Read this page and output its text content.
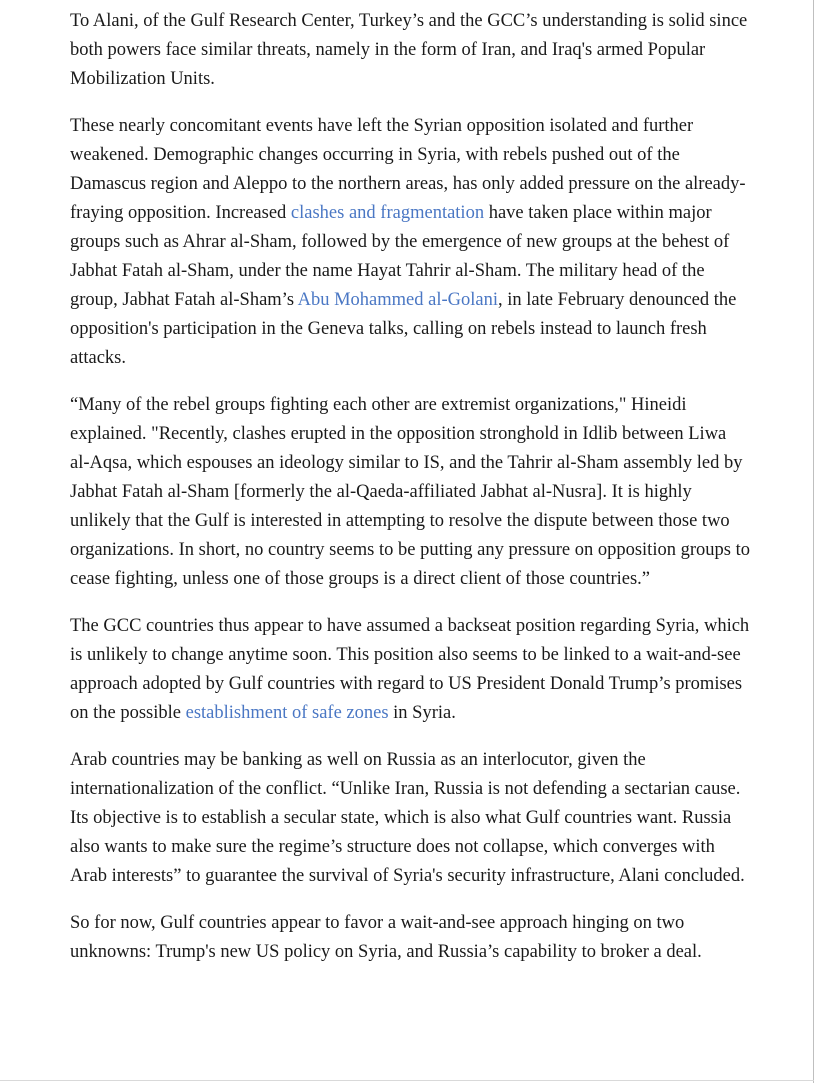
To Alani, of the Gulf Research Center, Turkey’s and the GCC’s understanding is solid since both powers face similar threats, namely in the form of Iran, and Iraq's armed Popular Mobilization Units.

These nearly concomitant events have left the Syrian opposition isolated and further weakened. Demographic changes occurring in Syria, with rebels pushed out of the Damascus region and Aleppo to the northern areas, has only added pressure on the already-fraying opposition. Increased clashes and fragmentation have taken place within major groups such as Ahrar al-Sham, followed by the emergence of new groups at the behest of Jabhat Fatah al-Sham, under the name Hayat Tahrir al-Sham. The military head of the group, Jabhat Fatah al-Sham’s Abu Mohammed al-Golani, in late February denounced the opposition's participation in the Geneva talks, calling on rebels instead to launch fresh attacks.

“Many of the rebel groups fighting each other are extremist organizations," Hineidi explained. "Recently, clashes erupted in the opposition stronghold in Idlib between Liwa al-Aqsa, which espouses an ideology similar to IS, and the Tahrir al-Sham assembly led by Jabhat Fatah al-Sham [formerly the al-Qaeda-affiliated Jabhat al-Nusra]. It is highly unlikely that the Gulf is interested in attempting to resolve the dispute between those two organizations. In short, no country seems to be putting any pressure on opposition groups to cease fighting, unless one of those groups is a direct client of those countries.”

The GCC countries thus appear to have assumed a backseat position regarding Syria, which is unlikely to change anytime soon. This position also seems to be linked to a wait-and-see approach adopted by Gulf countries with regard to US President Donald Trump’s promises on the possible establishment of safe zones in Syria.

Arab countries may be banking as well on Russia as an interlocutor, given the internationalization of the conflict. “Unlike Iran, Russia is not defending a sectarian cause. Its objective is to establish a secular state, which is also what Gulf countries want. Russia also wants to make sure the regime’s structure does not collapse, which converges with Arab interests” to guarantee the survival of Syria's security infrastructure, Alani concluded.

So for now, Gulf countries appear to favor a wait-and-see approach hinging on two unknowns: Trump's new US policy on Syria, and Russia’s capability to broker a deal.
